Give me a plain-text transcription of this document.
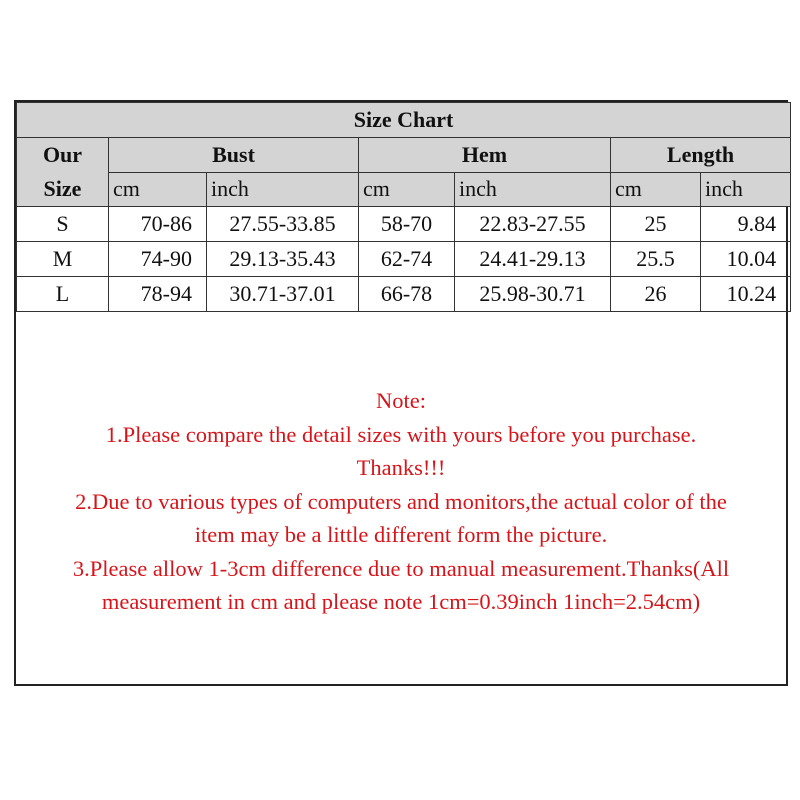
Size Chart						

Our
Size	Bust		Hem		Length	
	cm	inch	cm	inch	cm	inch
S	70-86	27.55-33.85	58-70	22.83-27.55	25	9.84
M	74-90	29.13-35.43	62-74	24.41-29.13	25.5	10.04
L	78-94	30.71-37.01	66-78	25.98-30.71	26	10.24
Note:
1.Please compare the detail sizes with yours before you purchase.
Thanks!!!
2.Due to various types of computers and monitors,the actual color of the
item may be a little different form the picture.
3.Please allow 1-3cm difference due to manual measurement.Thanks(All
measurement in cm and please note 1cm=0.39inch 1inch=2.54cm)
